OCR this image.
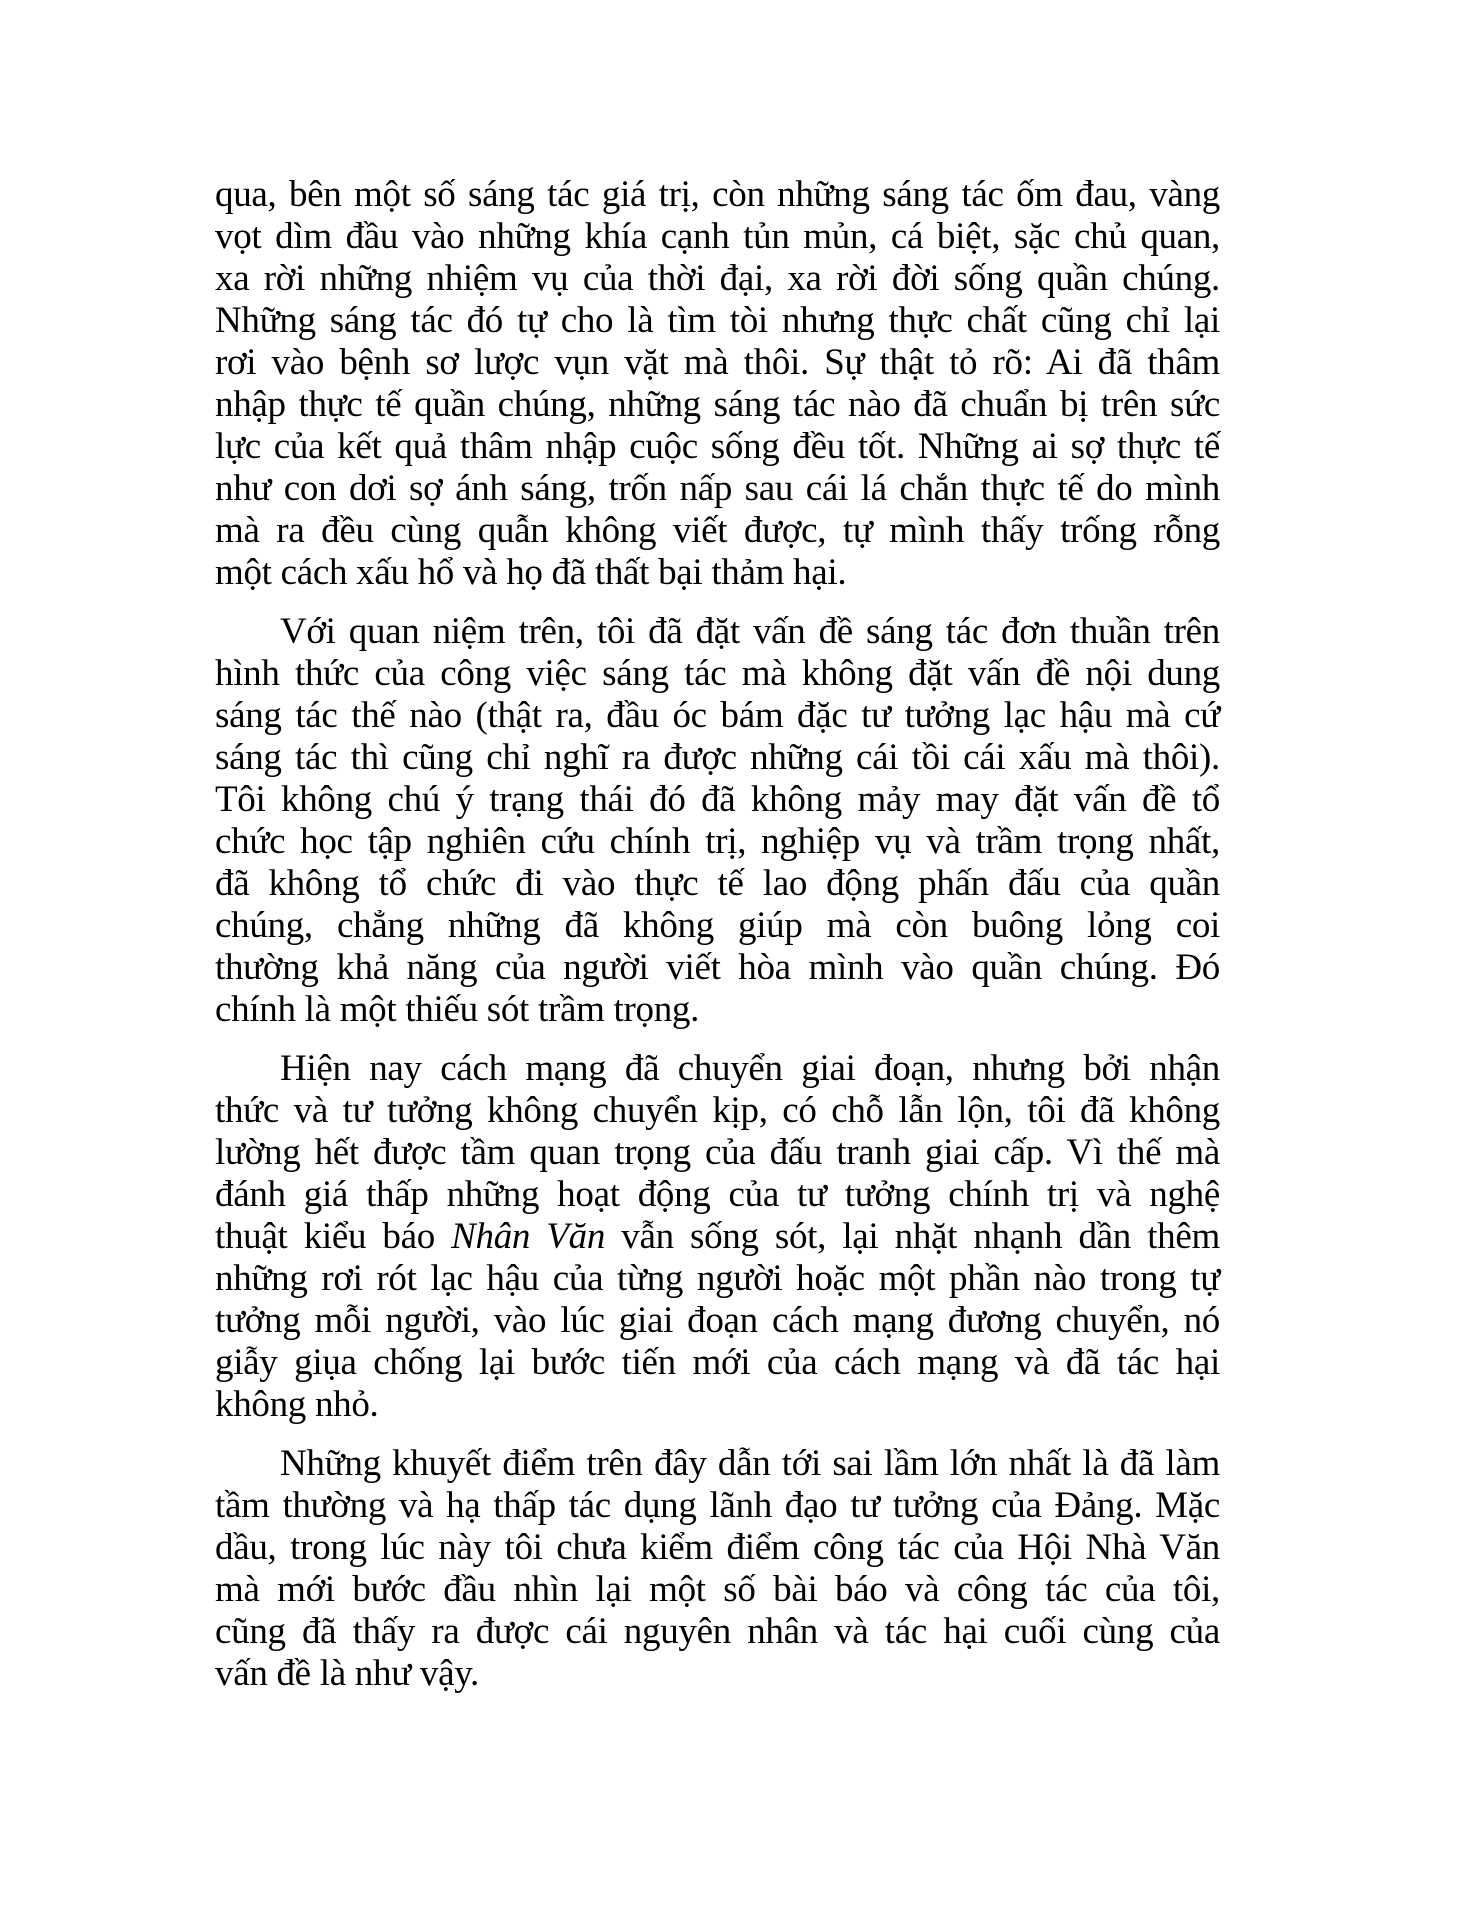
qua, bên một số sáng tác giá trị, còn những sáng tác ốm đau, vàng
vọt dìm đầu vào những khía cạnh tủn mủn, cá biệt, sặc chủ quan,
xa rời những nhiệm vụ của thời đại, xa rời đời sống quần chúng.
Những sáng tác đó tự cho là tìm tòi nhưng thực chất cũng chỉ lại
rơi vào bệnh sơ lược vụn vặt mà thôi. Sự thật tỏ rõ: Ai đã thâm
nhập thực tế quần chúng, những sáng tác nào đã chuẩn bị trên sức
lực của kết quả thâm nhập cuộc sống đều tốt. Những ai sợ thực tế
như con dơi sợ ánh sáng, trốn nấp sau cái lá chắn thực tế do mình
mà ra đều cùng quẫn không viết được, tự mình thấy trống rỗng
một cách xấu hổ và họ đã thất bại thảm hại.
Với quan niệm trên, tôi đã đặt vấn đề sáng tác đơn thuần trên
hình thức của công việc sáng tác mà không đặt vấn đề nội dung
sáng tác thế nào (thật ra, đầu óc bám đặc tư tưởng lạc hậu mà cứ
sáng tác thì cũng chỉ nghĩ ra được những cái tồi cái xấu mà thôi).
Tôi không chú ý trạng thái đó đã không mảy may đặt vấn đề tổ
chức học tập nghiên cứu chính trị, nghiệp vụ và trầm trọng nhất,
đã không tổ chức đi vào thực tế lao động phấn đấu của quần
chúng, chẳng những đã không giúp mà còn buông lỏng coi
thường khả năng của người viết hòa mình vào quần chúng. Đó
chính là một thiếu sót trầm trọng.
Hiện nay cách mạng đã chuyển giai đoạn, nhưng bởi nhận
thức và tư tưởng không chuyển kịp, có chỗ lẫn lộn, tôi đã không
lường hết được tầm quan trọng của đấu tranh giai cấp. Vì thế mà
đánh giá thấp những hoạt động của tư tưởng chính trị và nghệ
thuật kiểu báo Nhân Văn vẫn sống sót, lại nhặt nhạnh dần thêm
những rơi rót lạc hậu của từng người hoặc một phần nào trong tự
tưởng mỗi người, vào lúc giai đoạn cách mạng đương chuyển, nó
giẫy giụa chống lại bước tiến mới của cách mạng và đã tác hại
không nhỏ.
Những khuyết điểm trên đây dẫn tới sai lầm lớn nhất là đã làm
tầm thường và hạ thấp tác dụng lãnh đạo tư tưởng của Đảng. Mặc
dầu, trong lúc này tôi chưa kiểm điểm công tác của Hội Nhà Văn
mà mới bước đầu nhìn lại một số bài báo và công tác của tôi,
cũng đã thấy ra được cái nguyên nhân và tác hại cuối cùng của
vấn đề là như vậy.
